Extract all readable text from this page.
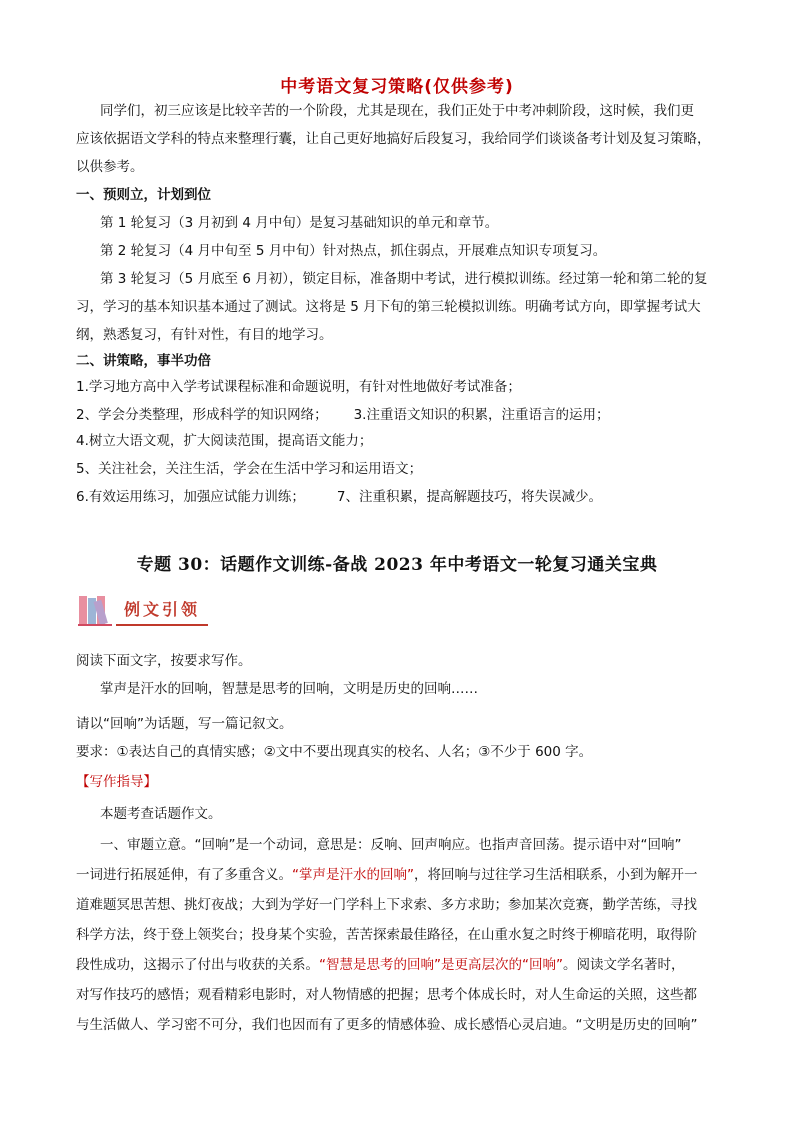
中考语文复习策略(仅供参考)
同学们，初三应该是比较辛苦的一个阶段，尤其是现在，我们正处于中考冲刺阶段，这时候，我们更
应该依据语文学科的特点来整理行囊，让自己更好地搞好后段复习，我给同学们谈谈备考计划及复习策略，
以供参考。
一、预则立，计划到位
第 1 轮复习（3 月初到 4 月中旬）是复习基础知识的单元和章节。
第 2 轮复习（4 月中旬至 5 月中旬）针对热点，抓住弱点，开展难点知识专项复习。
第 3 轮复习（5 月底至 6 月初），锁定目标，准备期中考试，进行模拟训练。经过第一轮和第二轮的复
习，学习的基本知识基本通过了测试。这将是 5 月下旬的第三轮模拟训练。明确考试方向，即掌握考试大
纲，熟悉复习，有针对性，有目的地学习。
二、讲策略，事半功倍
1.学习地方高中入学考试课程标准和命题说明，有针对性地做好考试准备；
2、学会分类整理，形成科学的知识网络； 3.注重语文知识的积累，注重语言的运用；
4.树立大语文观，扩大阅读范围，提高语文能力；
5、关注社会，关注生活，学会在生活中学习和运用语文；
6.有效运用练习，加强应试能力训练； 7、注重积累，提高解题技巧，将失误减少。
专题 30：话题作文训练-备战 2023 年中考语文一轮复习通关宝典
例文引领
阅读下面文字，按要求写作。
掌声是汗水的回响，智慧是思考的回响，文明是历史的回响……
请以“回响”为话题，写一篇记叙文。
要求：①表达自己的真情实感；②文中不要出现真实的校名、人名；③不少于 600 字。
【写作指导】
本题考查话题作文。
一、审题立意。“回响”是一个动词，意思是：反响、回声响应。也指声音回荡。提示语中对“回响”
一词进行拓展延伸，有了多重含义。“掌声是汗水的回响”，将回响与过往学习生活相联系，小到为解开一
道难题冥思苦想、挑灯夜战；大到为学好一门学科上下求索、多方求助；参加某次竞赛，勤学苦练，寻找
科学方法，终于登上领奖台；投身某个实验，苦苦探索最佳路径，在山重水复之时终于柳暗花明，取得阶
段性成功，这揭示了付出与收获的关系。“智慧是思考的回响”是更高层次的“回响”。阅读文学名著时，
对写作技巧的感悟；观看精彩电影时，对人物情感的把握；思考个体成长时，对人生命运的关照，这些都
与生活做人、学习密不可分，我们也因而有了更多的情感体验、成长感悟心灵启迪。“文明是历史的回响”
